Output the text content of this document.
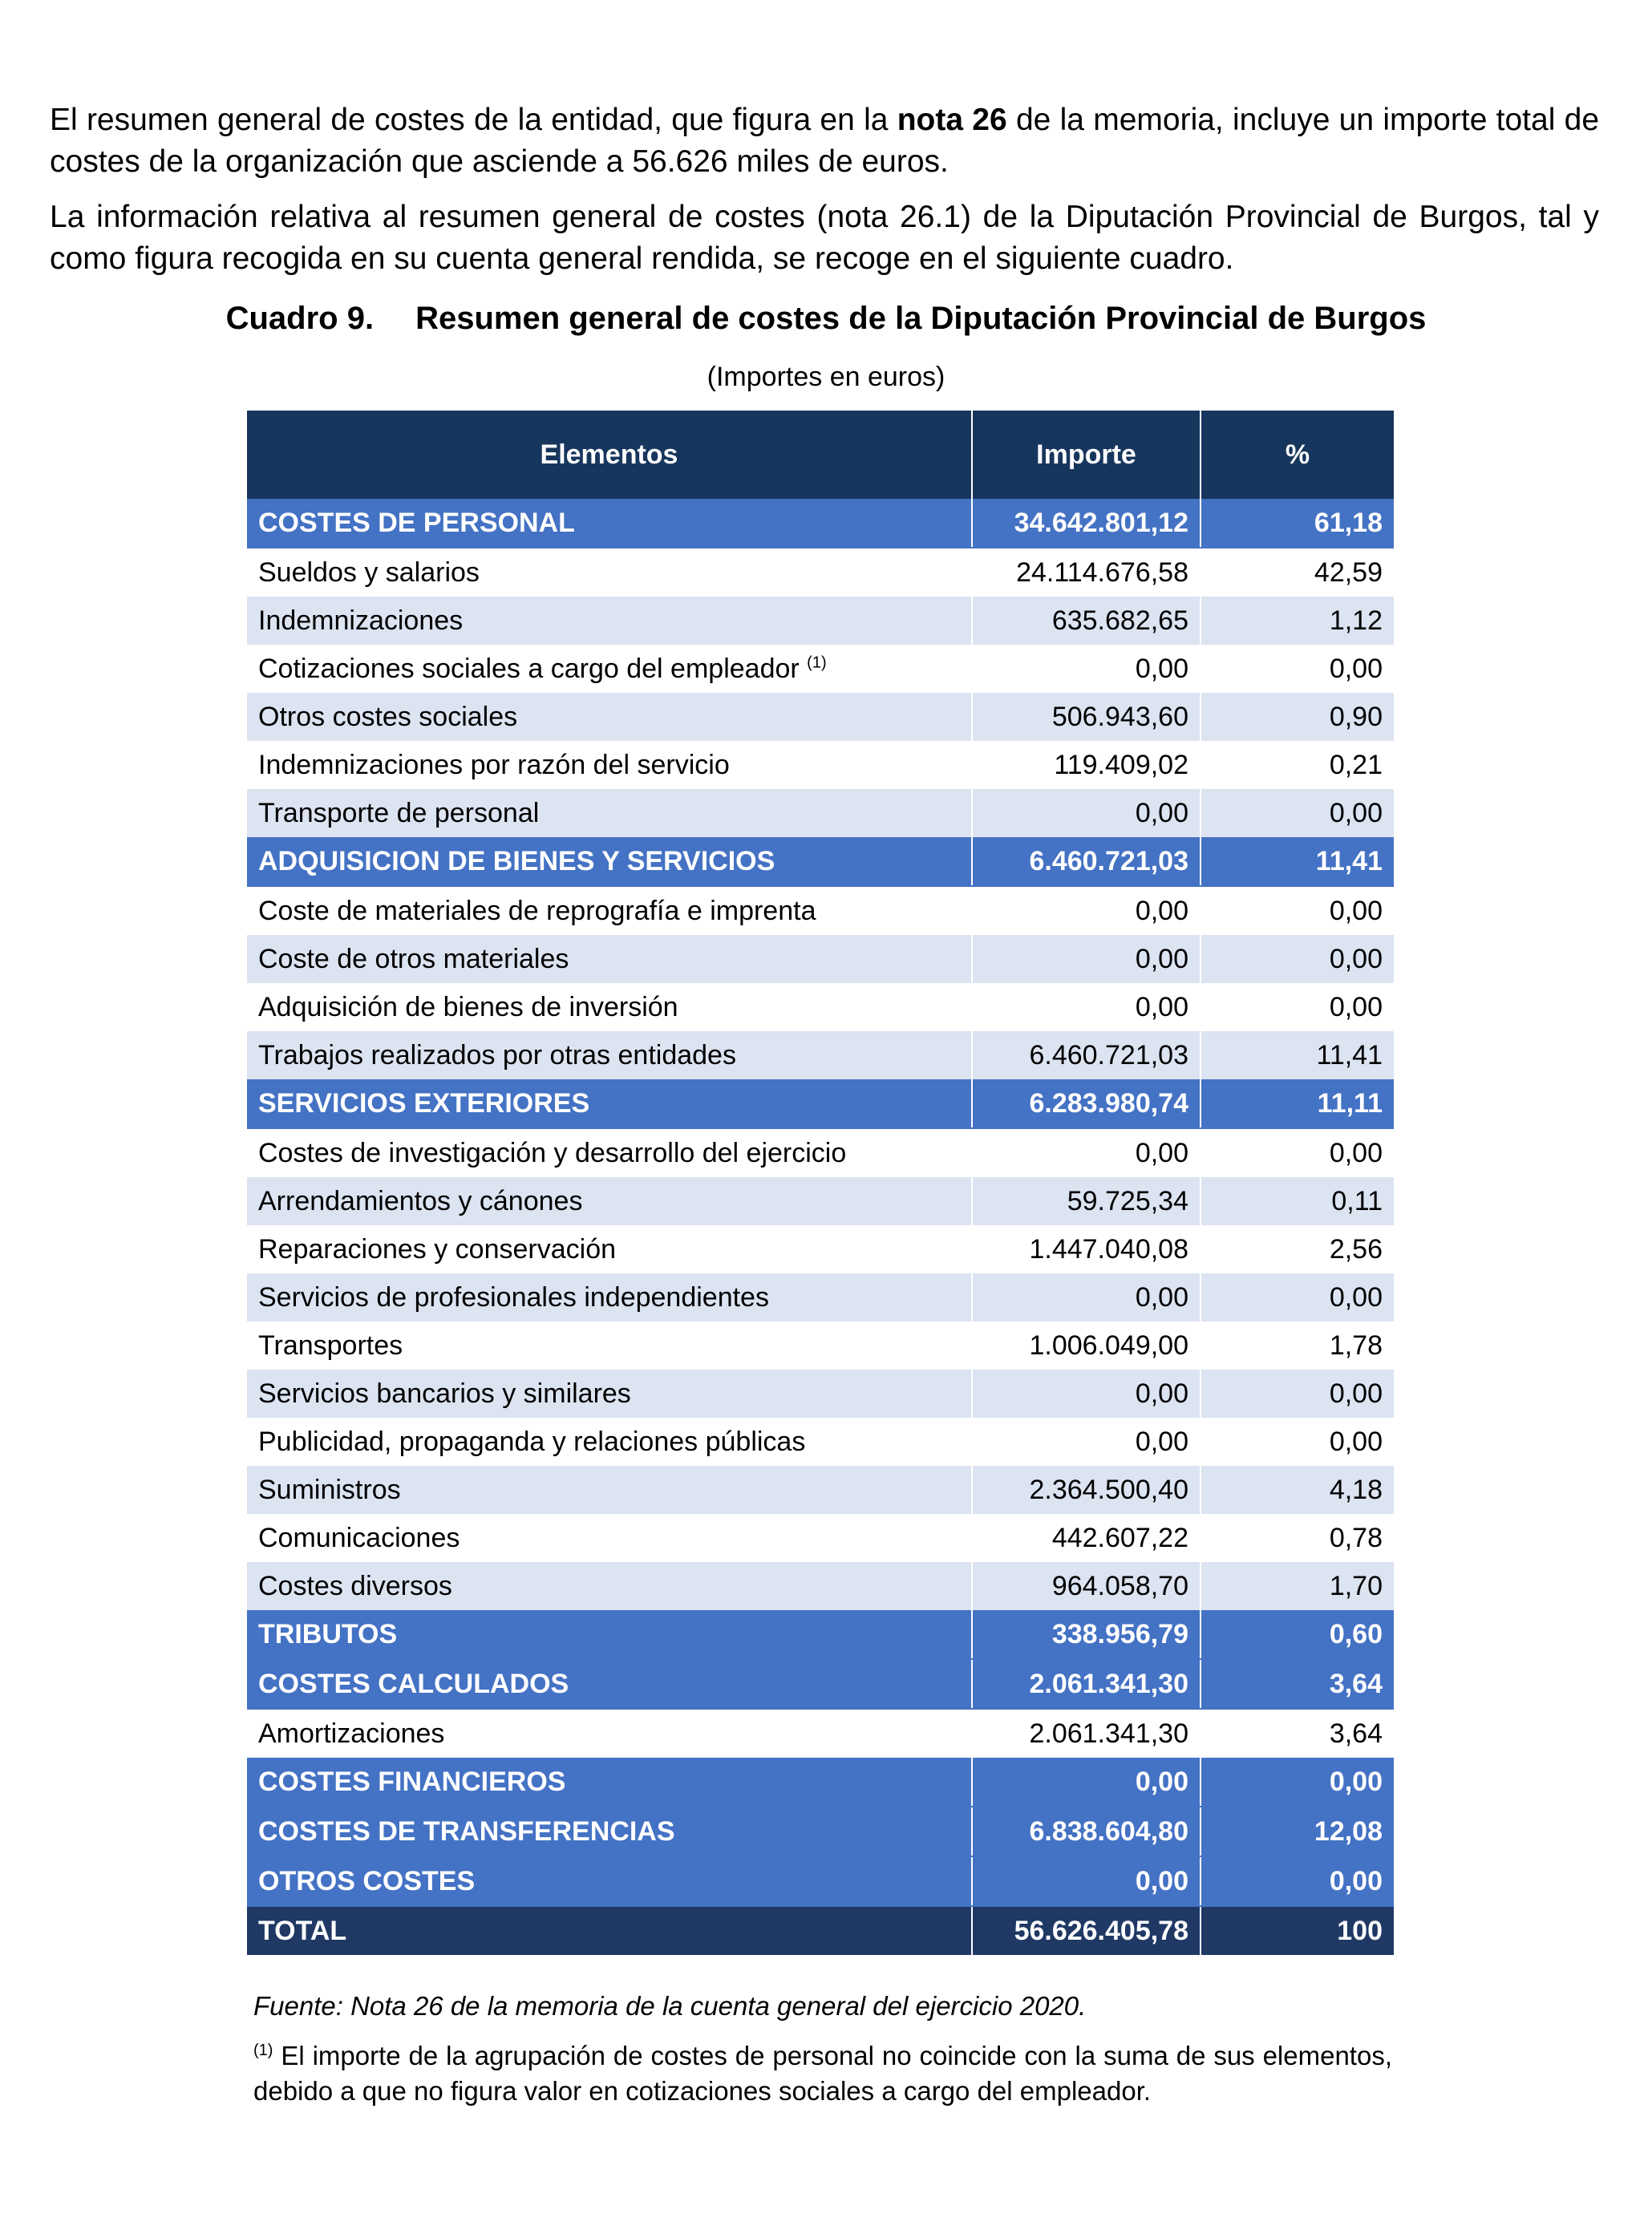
El resumen general de costes de la entidad, que figura en la nota 26 de la memoria, incluye un importe total de costes de la organización que asciende a 56.626 miles de euros.

La información relativa al resumen general de costes (nota 26.1) de la Diputación Provincial de Burgos, tal y como figura recogida en su cuenta general rendida, se recoge en el siguiente cuadro.

Cuadro 9. Resumen general de costes de la Diputación Provincial de Burgos
(Importes en euros)
Elementos	Importe	%
COSTES DE PERSONAL	34.642.801,12	61,18
Sueldos y salarios	24.114.676,58	42,59
Indemnizaciones	635.682,65	1,12
Cotizaciones sociales a cargo del empleador $^{(1)}$	0,00	0,00
Otros costes sociales	506.943,60	0,90
Indemnizaciones por razón del servicio	119.409,02	0,21
Transporte de personal	0,00	0,00
ADQUISICION DE BIENES Y SERVICIOS	6.460.721,03	11,41
Coste de materiales de reprografía e imprenta	0,00	0,00
Coste de otros materiales	0,00	0,00
Adquisición de bienes de inversión	0,00	0,00
Trabajos realizados por otras entidades	6.460.721,03	11,41
SERVICIOS EXTERIORES	6.283.980,74	11,11
Costes de investigación y desarrollo del ejercicio	0,00	0,00
Arrendamientos y cánones	59.725,34	0,11
Reparaciones y conservación	1.447.040,08	2,56
Servicios de profesionales independientes	0,00	0,00
Transportes	1.006.049,00	1,78
Servicios bancarios y similares	0,00	0,00
Publicidad, propaganda y relaciones públicas	0,00	0,00
Suministros	2.364.500,40	4,18
Comunicaciones	442.607,22	0,78
Costes diversos	964.058,70	1,70
TRIBUTOS	338.956,79	0,60
COSTES CALCULADOS	2.061.341,30	3,64
Amortizaciones	2.061.341,30	3,64
COSTES FINANCIEROS	0,00	0,00
COSTES DE TRANSFERENCIAS	6.838.604,80	12,08
OTROS COSTES	0,00	0,00
TOTAL	56.626.405,78	100
Fuente: Nota 26 de la memoria de la cuenta general del ejercicio 2020.
$^{(1)}$ El importe de la agrupación de costes de personal no coincide con la suma de sus elementos, debido a que no figura valor en cotizaciones sociales a cargo del empleador.
